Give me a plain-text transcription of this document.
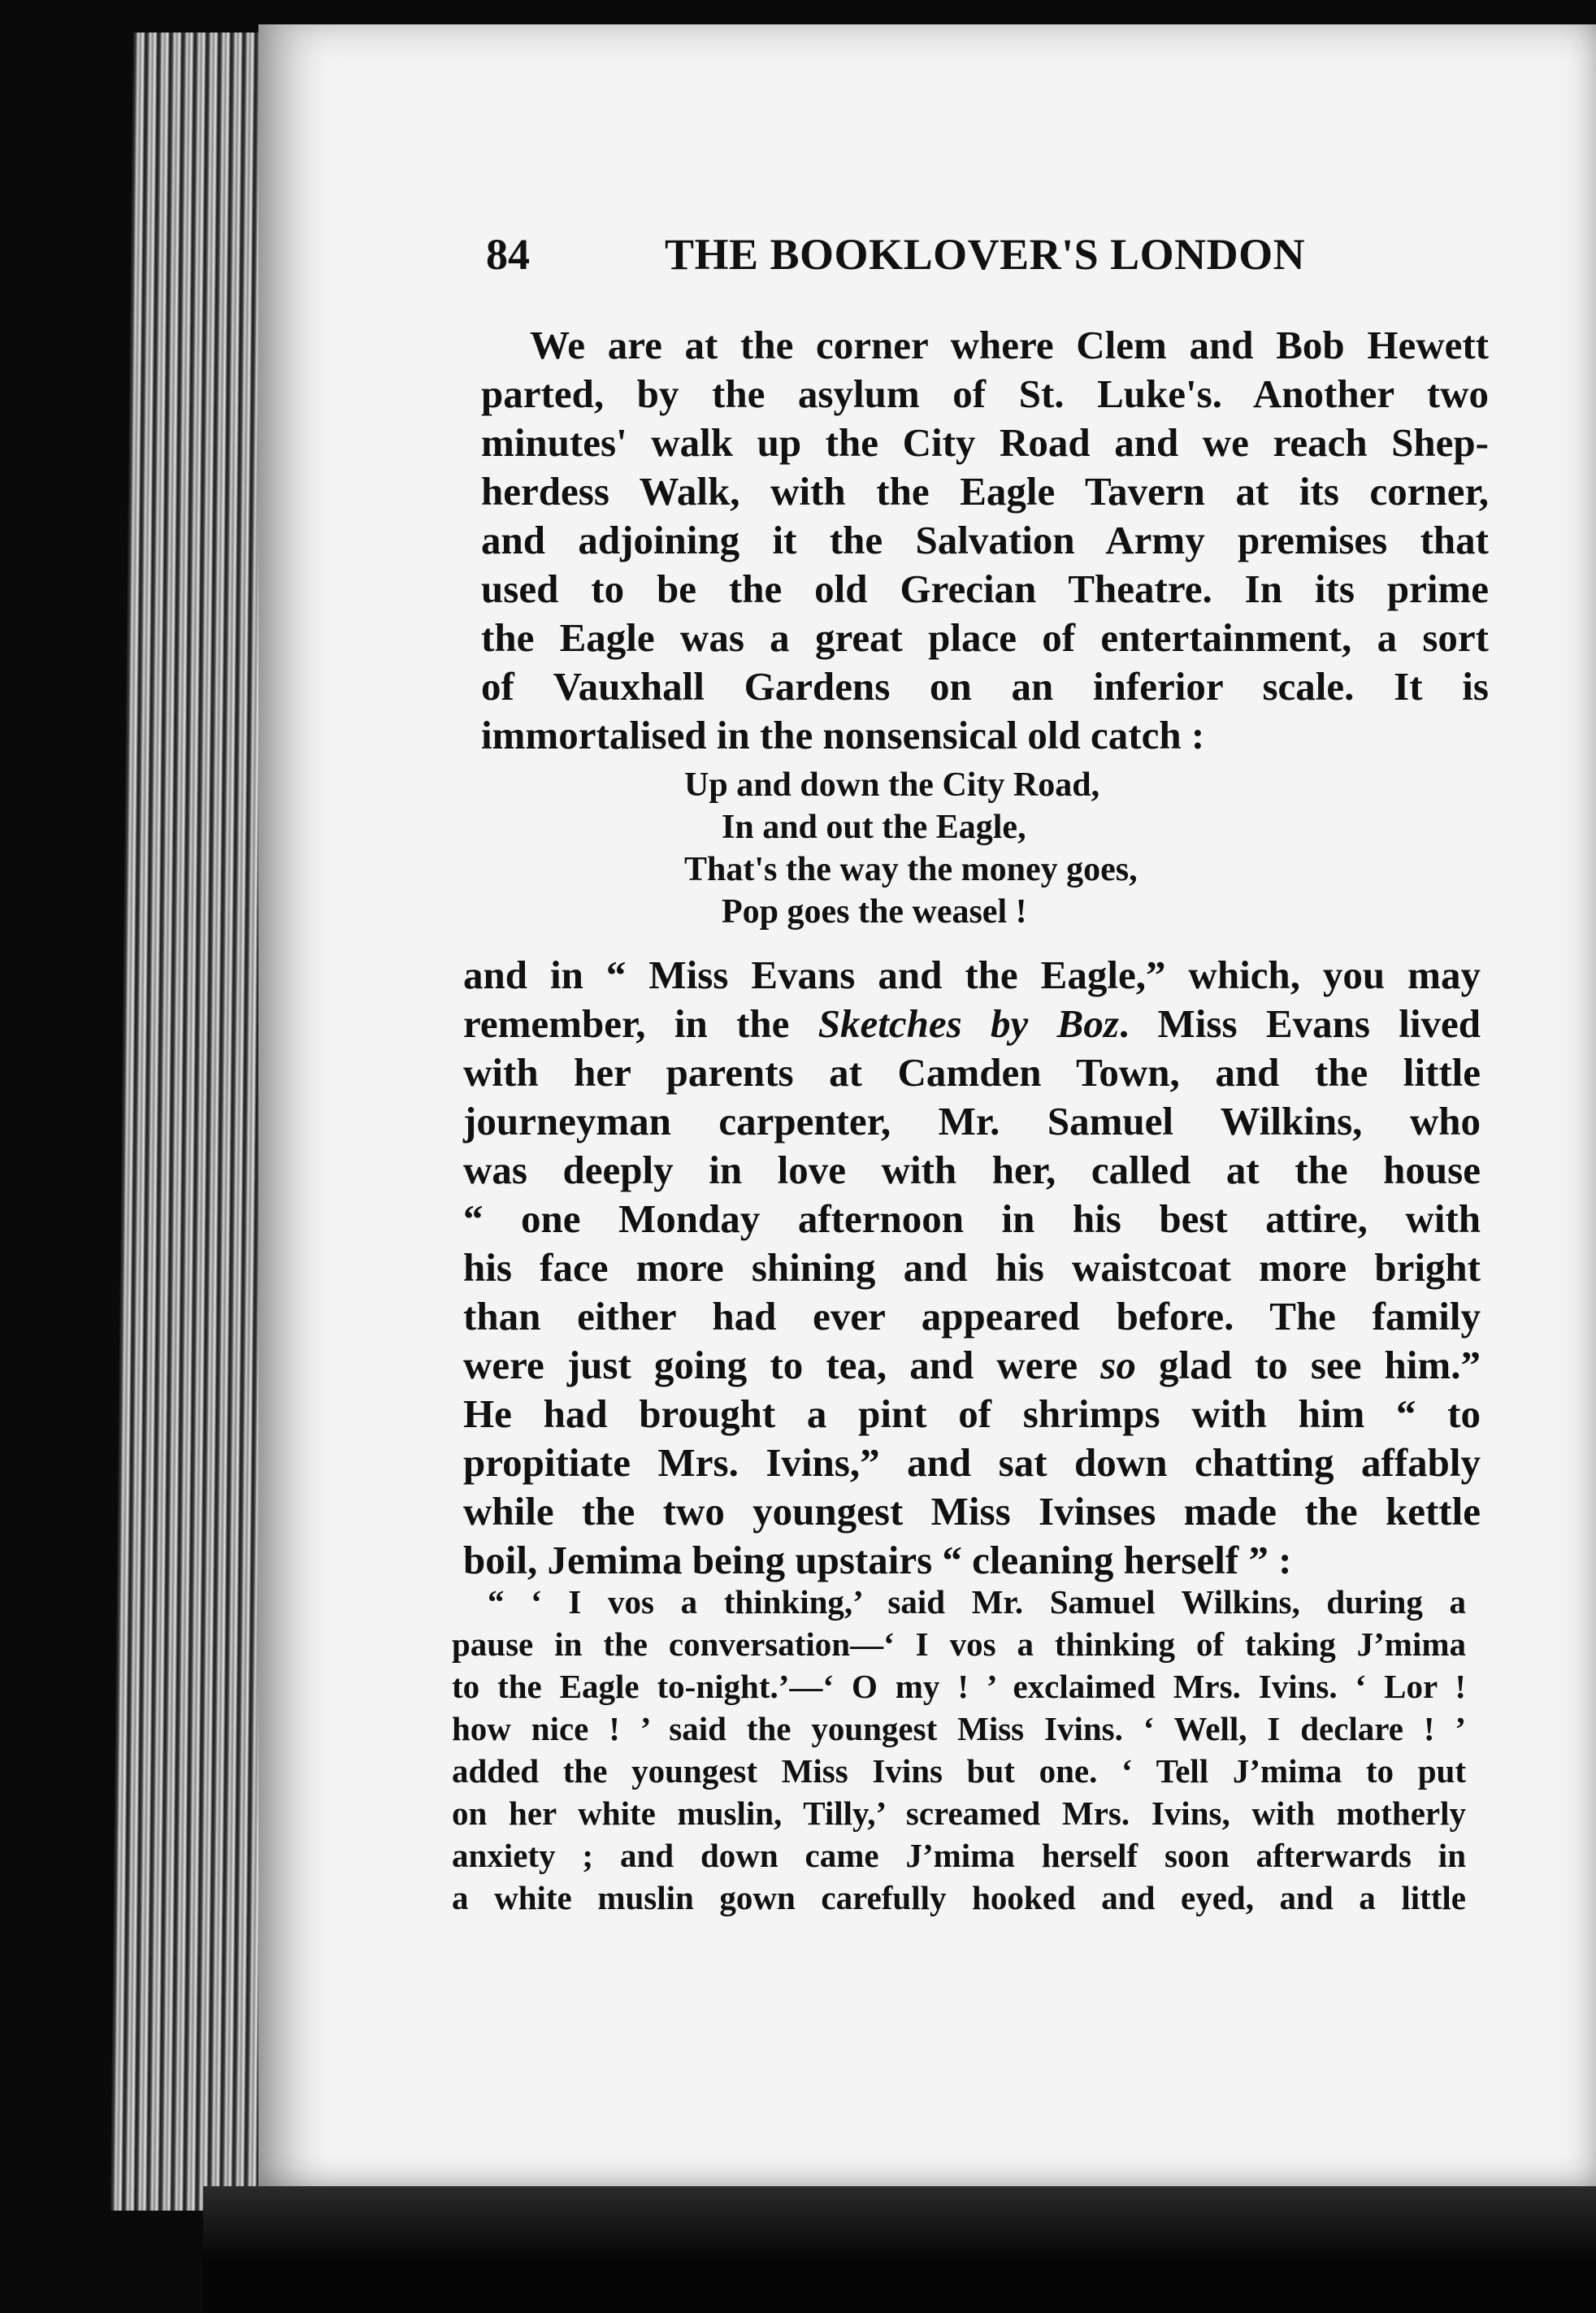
84	THE BOOKLOVER'S LONDON
We are at the corner where Clem and Bob Hewett
parted, by the asylum of St. Luke's. Another two
minutes' walk up the City Road and we reach Shep-
herdess Walk, with the Eagle Tavern at its corner,
and adjoining it the Salvation Army premises that
used to be the old Grecian Theatre. In its prime
the Eagle was a great place of entertainment, a sort
of Vauxhall Gardens on an inferior scale. It is
immortalised in the nonsensical old catch :
Up and down the City Road,
In and out the Eagle,
That's the way the money goes,
Pop goes the weasel !
and in “ Miss Evans and the Eagle,” which, you may
remember, in the Sketches by Boz. Miss Evans lived
with her parents at Camden Town, and the little
journeyman carpenter, Mr. Samuel Wilkins, who
was deeply in love with her, called at the house
“ one Monday afternoon in his best attire, with
his face more shining and his waistcoat more bright
than either had ever appeared before. The family
were just going to tea, and were so glad to see him.”
He had brought a pint of shrimps with him “ to
propitiate Mrs. Ivins,” and sat down chatting affably
while the two youngest Miss Ivinses made the kettle
boil, Jemima being upstairs “ cleaning herself ” :
“ ‘ I vos a thinking,’ said Mr. Samuel Wilkins, during a
pause in the conversation—‘ I vos a thinking of taking J’mima
to the Eagle to-night.’—‘ O my ! ’ exclaimed Mrs. Ivins. ‘ Lor !
how nice ! ’ said the youngest Miss Ivins. ‘ Well, I declare ! ’
added the youngest Miss Ivins but one. ‘ Tell J’mima to put
on her white muslin, Tilly,’ screamed Mrs. Ivins, with motherly
anxiety ; and down came J’mima herself soon afterwards in
a white muslin gown carefully hooked and eyed, and a little
